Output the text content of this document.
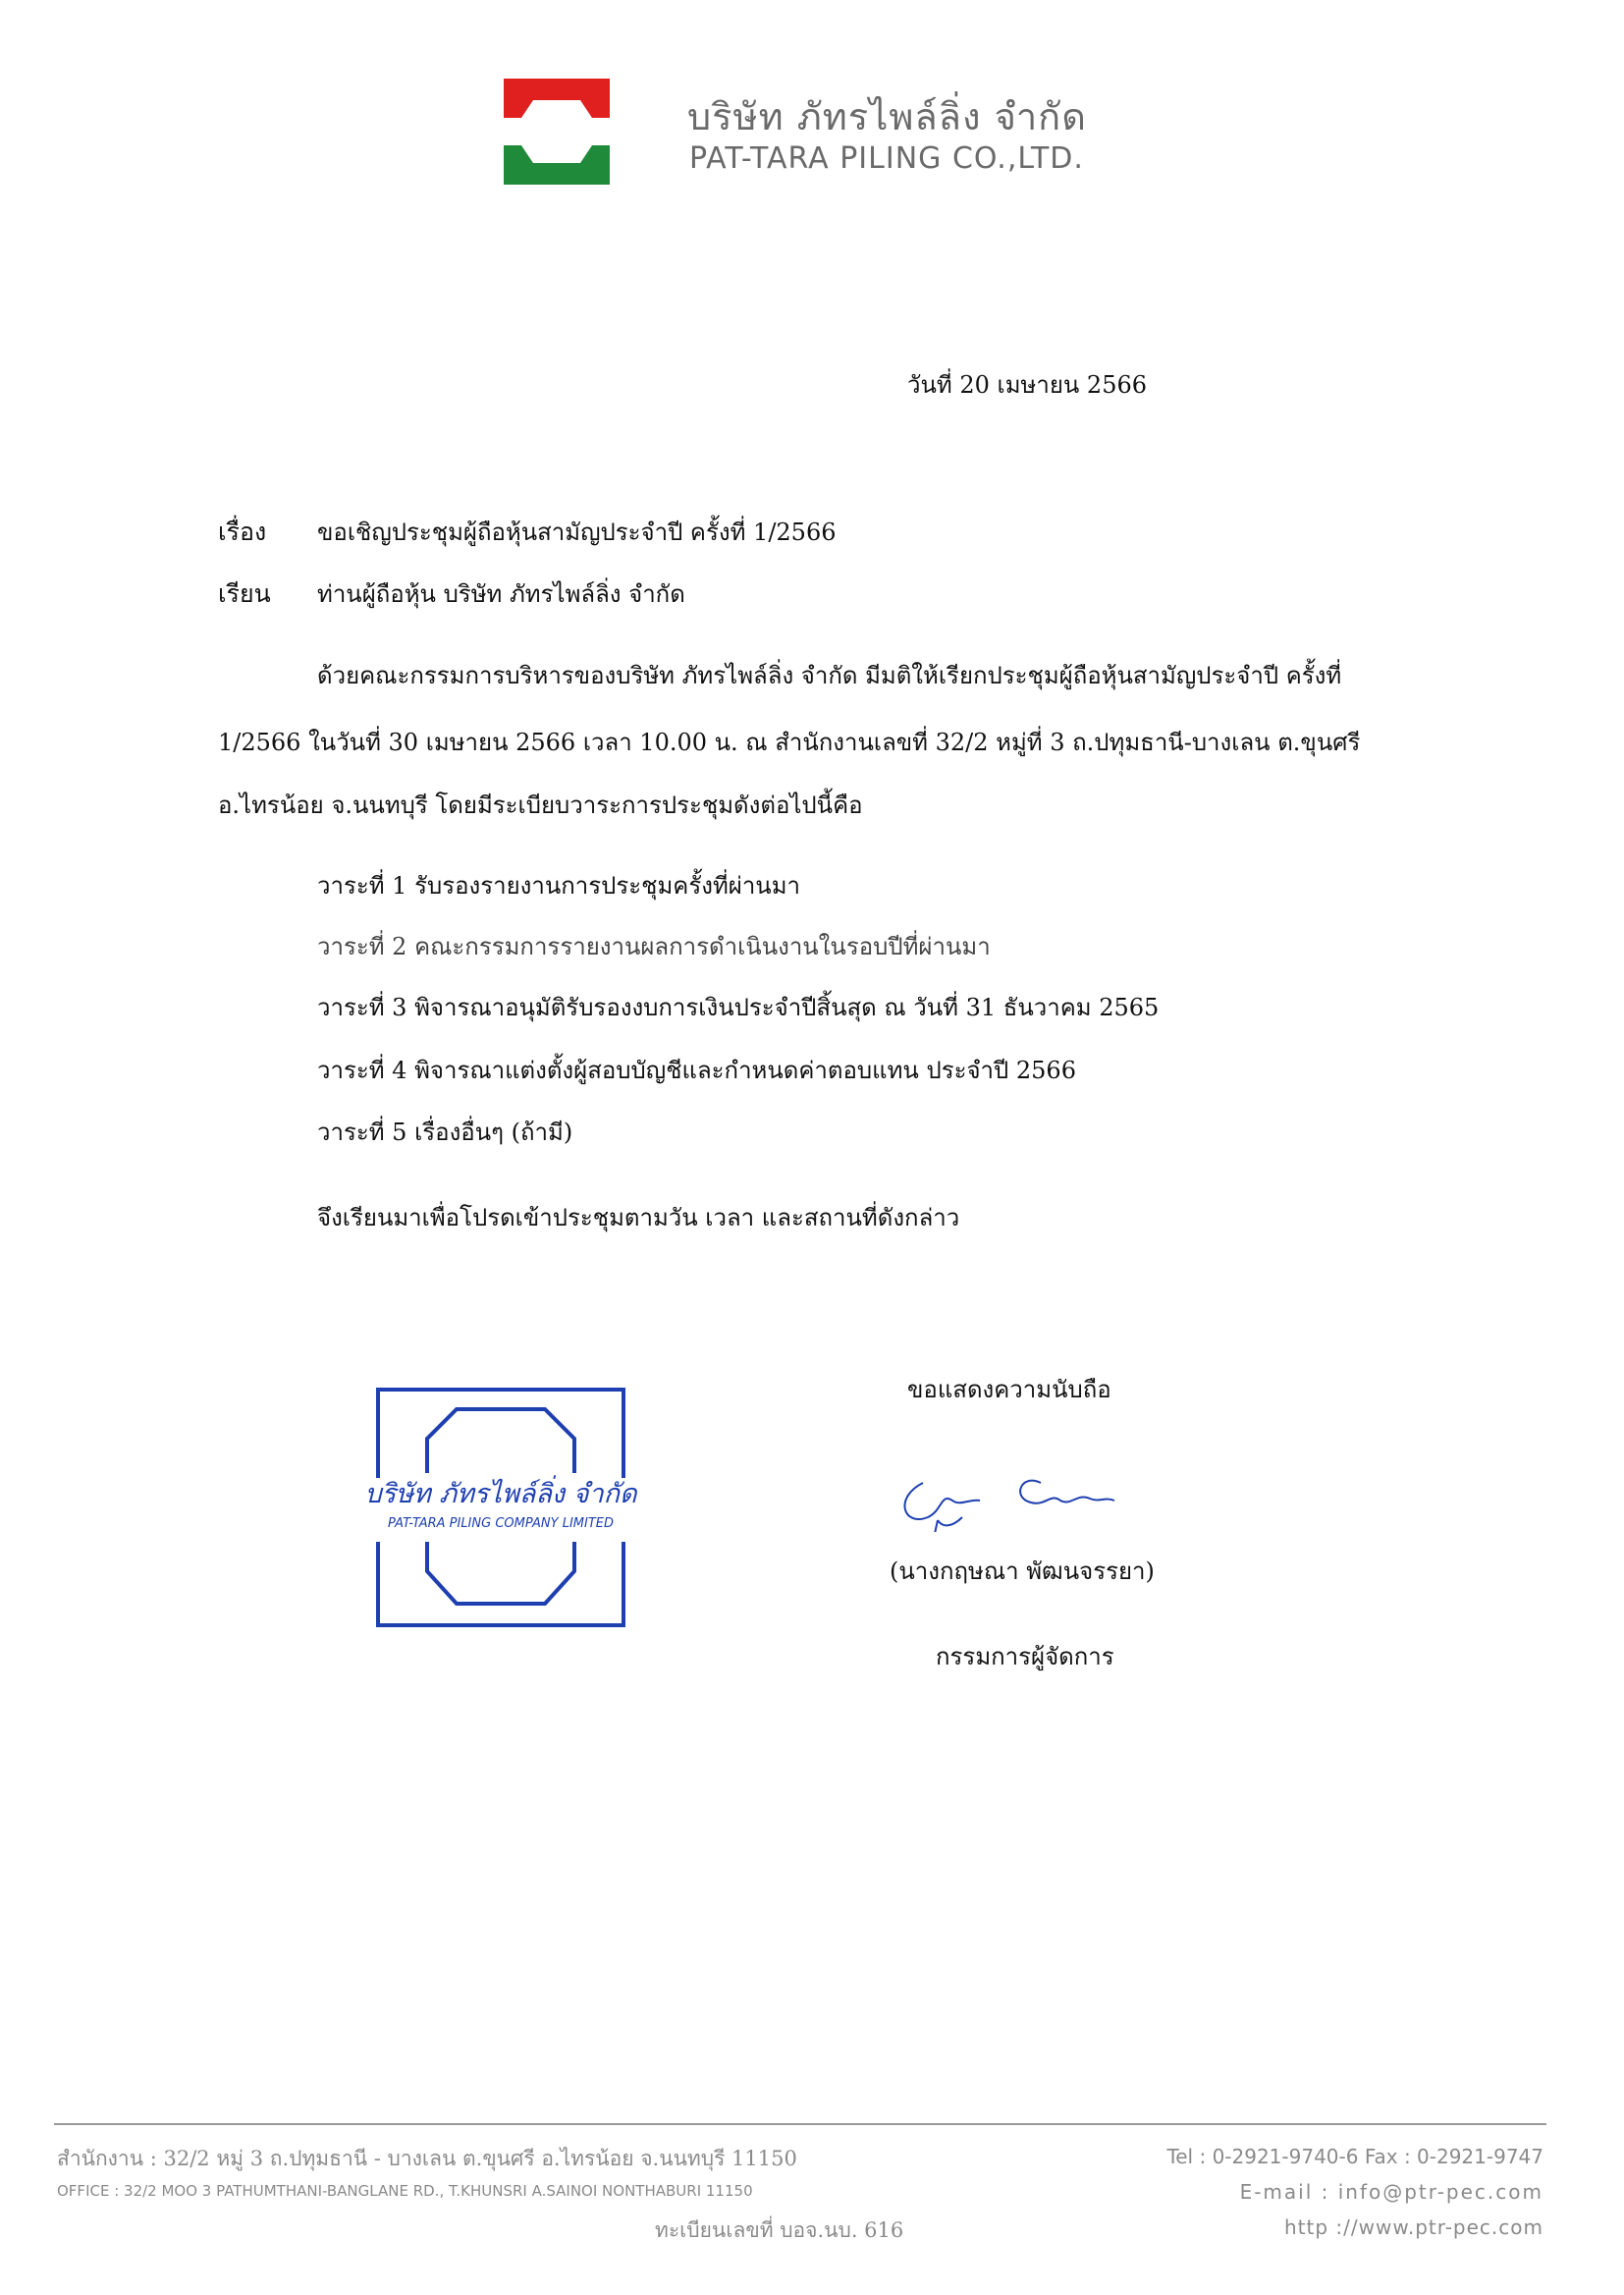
บริษัท ภัทรไพล์ลิ่ง จำกัด
PAT-TARA PILING CO.,LTD.
วันที่ 20 เมษายน 2566
เรื่อง ขอเชิญประชุมผู้ถือหุ้นสามัญประจำปี ครั้งที่ 1/2566
เรียน ท่านผู้ถือหุ้น บริษัท ภัทรไพล์ลิ่ง จำกัด
ด้วยคณะกรรมการบริหารของบริษัท ภัทรไพล์ลิ่ง จำกัด มีมติให้เรียกประชุมผู้ถือหุ้นสามัญประจำปี ครั้งที่
1/2566 ในวันที่ 30 เมษายน 2566 เวลา 10.00 น. ณ สำนักงานเลขที่ 32/2 หมู่ที่ 3 ถ.ปทุมธานี-บางเลน ต.ขุนศรี
อ.ไทรน้อย จ.นนทบุรี โดยมีระเบียบวาระการประชุมดังต่อไปนี้คือ
วาระที่ 1 รับรองรายงานการประชุมครั้งที่ผ่านมา
วาระที่ 2 คณะกรรมการรายงานผลการดำเนินงานในรอบปีที่ผ่านมา
วาระที่ 3 พิจารณาอนุมัติรับรองงบการเงินประจำปีสิ้นสุด ณ วันที่ 31 ธันวาคม 2565
วาระที่ 4 พิจารณาแต่งตั้งผู้สอบบัญชีและกำหนดค่าตอบแทน ประจำปี 2566
วาระที่ 5 เรื่องอื่นๆ (ถ้ามี)
จึงเรียนมาเพื่อโปรดเข้าประชุมตามวัน เวลา และสถานที่ดังกล่าว
บริษัท ภัทรไพล์ลิ่ง จำกัด
PAT-TARA PILING COMPANY LIMITED
ขอแสดงความนับถือ
(นางกฤษณา พัฒนจรรยา)
กรรมการผู้จัดการ
สำนักงาน : 32/2 หมู่ 3 ถ.ปทุมธานี - บางเลน ต.ขุนศรี อ.ไทรน้อย จ.นนทบุรี 11150
OFFICE : 32/2 MOO 3 PATHUMTHANI-BANGLANE RD., T.KHUNSRI A.SAINOI NONTHABURI 11150
ทะเบียนเลขที่ บอจ.นบ. 616
Tel : 0-2921-9740-6 Fax : 0-2921-9747
E-mail : info@ptr-pec.com
http ://www.ptr-pec.com
